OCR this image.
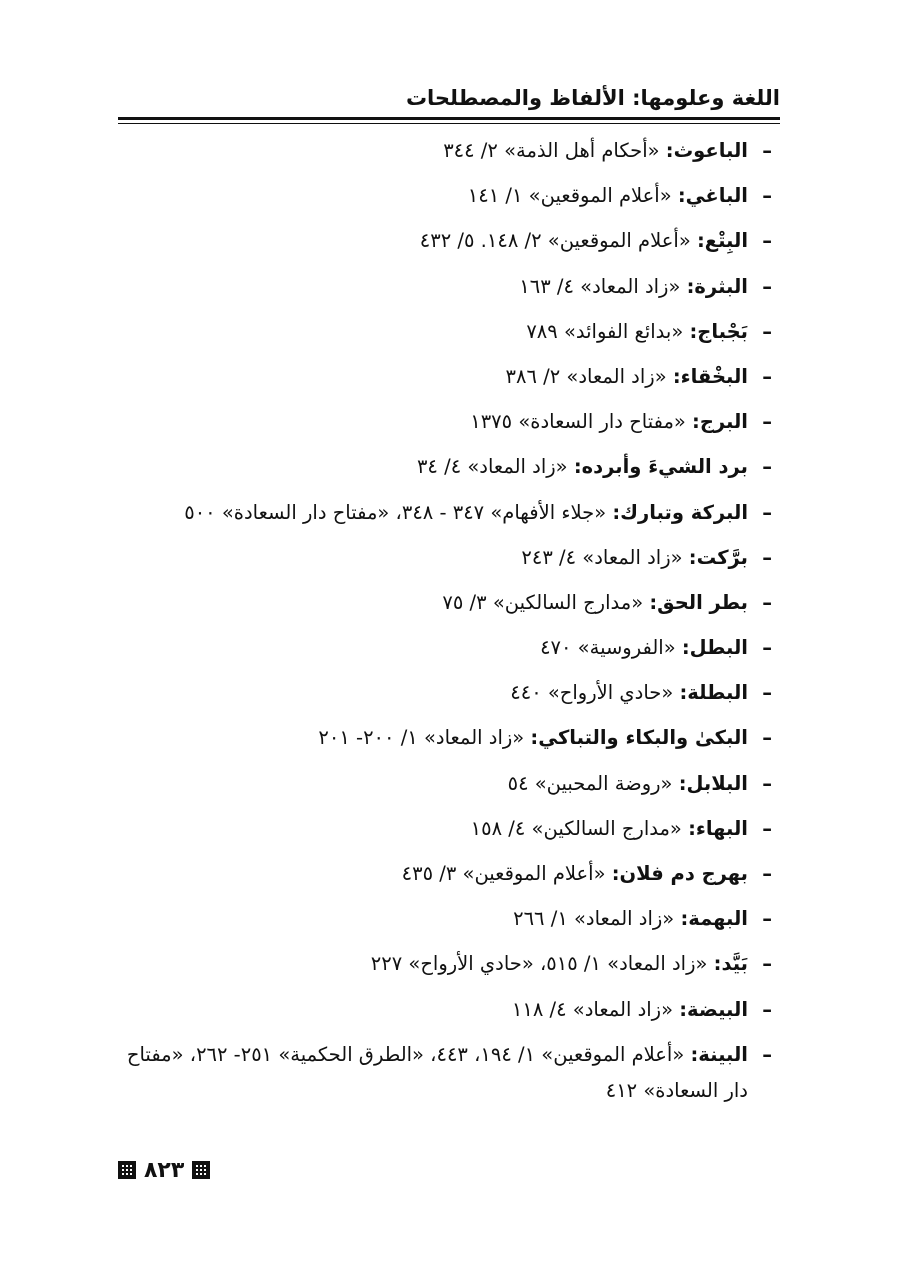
اللغة وعلومها: الألفاظ والمصطلحات
–
الباعوث: «أحكام أهل الذمة» ٢/ ٣٤٤
–
الباغي: «أعلام الموقعين» ١/ ١٤١
–
البِتْع: «أعلام الموقعين» ٢/ ١٤٨. ٥/ ٤٣٢
–
البثرة: «زاد المعاد» ٤/ ١٦٣
–
بَجْباج: «بدائع الفوائد» ٧٨٩
–
البخْقاء: «زاد المعاد» ٢/ ٣٨٦
–
البرج: «مفتاح دار السعادة» ١٣٧٥
–
برد الشيءَ وأبرده: «زاد المعاد» ٤/ ٣٤
–
البركة وتبارك: «جلاء الأفهام» ٣٤٧ - ٣٤٨، «مفتاح دار السعادة» ٥٠٠
–
برَّكت: «زاد المعاد» ٤/ ٢٤٣
–
بطر الحق: «مدارج السالكين» ٣/ ٧٥
–
البطل: «الفروسية» ٤٧٠
–
البطلة: «حادي الأرواح» ٤٤٠
–
البكىٰ والبكاء والتباكي: «زاد المعاد» ١/ ٢٠٠- ٢٠١
–
البلابل: «روضة المحبين» ٥٤
–
البهاء: «مدارج السالكين» ٤/ ١٥٨
–
بهرج دم فلان: «أعلام الموقعين» ٣/ ٤٣٥
–
البهمة: «زاد المعاد» ١/ ٢٦٦
–
بَيَّد: «زاد المعاد» ١/ ٥١٥، «حادي الأرواح» ٢٢٧
–
البيضة: «زاد المعاد» ٤/ ١١٨
–
البينة: «أعلام الموقعين» ١/ ١٩٤، ٤٤٣، «الطرق الحكمية» ٢٥١- ٢٦٢، «مفتاح دار السعادة» ٤١٢
٨٢٣
